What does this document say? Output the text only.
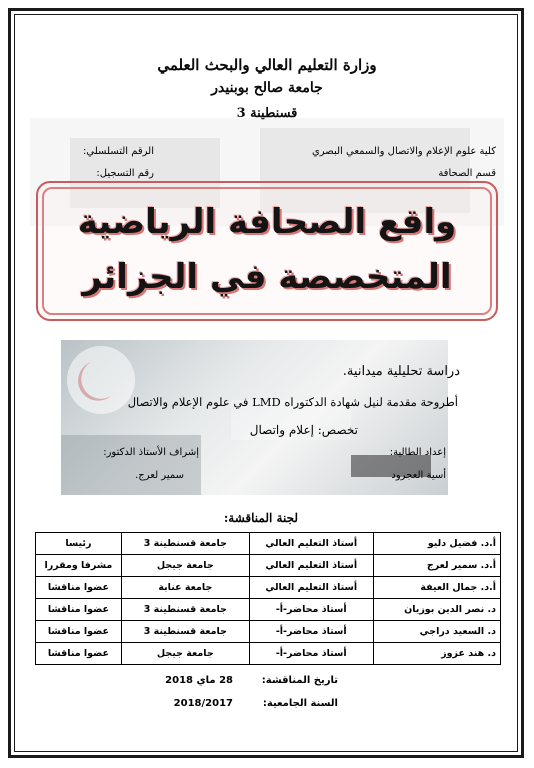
وزارة التعليم العالي والبحث العلمي
جامعة صالح بوبنيدر
قسنطينة 3
كلية علوم الإعلام والاتصال والسمعي البصري
الرقم التسلسلي:
قسم الصحافة
رقم التسجيل:
واقع الصحافة الرياضية
المتخصصة في الجزائر
دراسة تحليلية ميدانية.
أطروحة مقدمة لنيل شهادة الدكتوراه LMD في علوم الإعلام والاتصال
تخصص: إعلام واتصال
إعداد الطالبة:
أسية العجرود
إشراف الأستاذ الدكتور:
سمير لعرج.
لجنة المناقشة:
أ.د. فضيل دليو	أستاذ التعليم العالي	جامعة قسنطينة 3	رئيسا
أ.د. سمير لعرج	أستاذ التعليم العالي	جامعة جيجل	مشرفا ومقررا
أ.د. جمال العيفة	أستاذ التعليم العالي	جامعة عنابة	عضوا مناقشا
د. نصر الدين بوزيان	أستاذ محاضر-أ-	جامعة قسنطينة 3	عضوا مناقشا
د. السعيد دراجي	أستاذ محاضر-أ-	جامعة قسنطينة 3	عضوا مناقشا
د. هند عزوز	أستاذ محاضر-أ-	جامعة جيجل	عضوا مناقشا
تاريخ المناقشة:
28 ماي 2018
السنة الجامعية:
2018/2017
